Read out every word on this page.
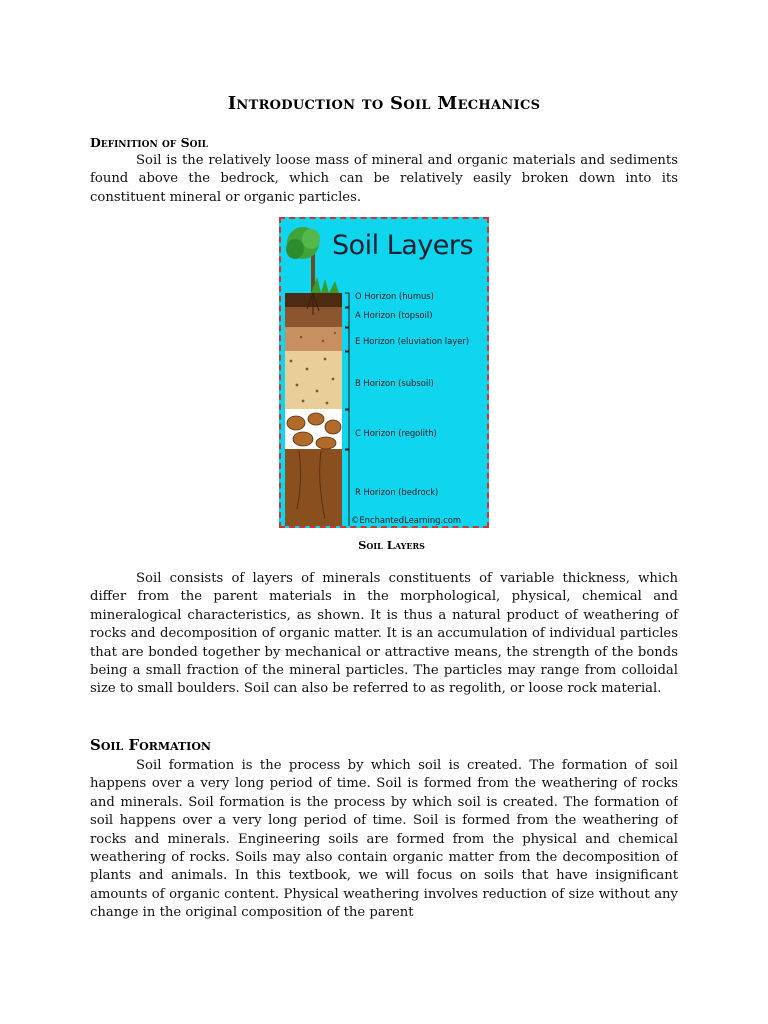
Introduction to Soil Mechanics
Definition of Soil
Soil is the relatively loose mass of mineral and organic materials and sediments found above the bedrock, which can be relatively easily broken down into its constituent mineral or organic particles.
Soil Layers
O Horizon (humus)
A Horizon (topsoil)
E Horizon (eluviation layer)
B Horizon (subsoil)
C Horizon (regolith)
R Horizon (bedrock)
©EnchantedLearning.com
Soil Layers
Soil consists of layers of minerals constituents of variable thickness, which differ from the parent materials in the morphological, physical, chemical and mineralogical characteristics, as shown. It is thus a natural product of weathering of rocks and decomposition of organic matter. It is an accumulation of individual particles that are bonded together by mechanical or attractive means, the strength of the bonds being a small fraction of the mineral particles. The particles may range from colloidal size to small boulders. Soil can also be referred to as regolith, or loose rock material.
Soil Formation
Soil formation is the process by which soil is created. The formation of soil happens over a very long period of time. Soil is formed from the weathering of rocks and minerals. Soil formation is the process by which soil is created. The formation of soil happens over a very long period of time. Soil is formed from the weathering of rocks and minerals. Engineering soils are formed from the physical and chemical weathering of rocks. Soils may also contain organic matter from the decomposition of plants and animals. In this textbook, we will focus on soils that have insignificant amounts of organic content. Physical weathering involves reduction of size without any change in the original composition of the parent
